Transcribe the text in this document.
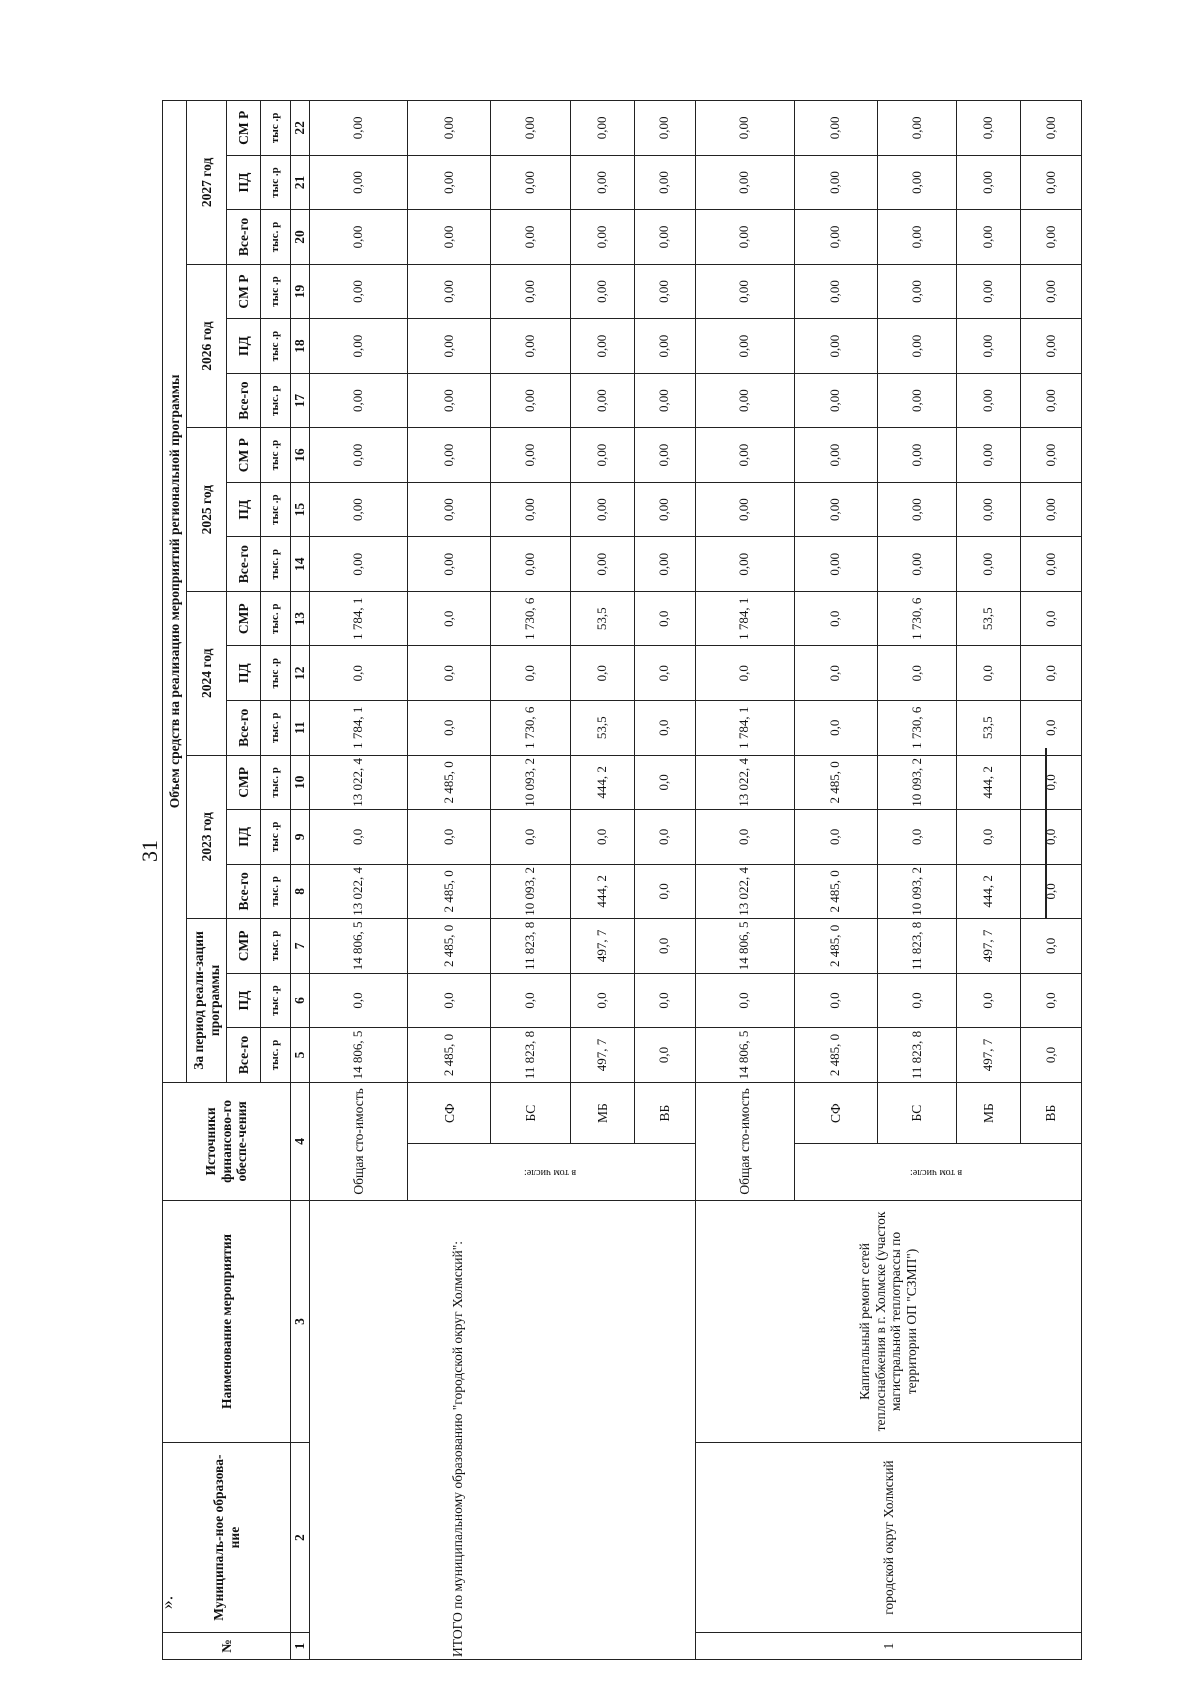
31
№	Муниципаль-ное образова-ние	Наименование мероприятия	Источники финансово-го обеспе-чения		Объем средств на реализацию мероприятий региональной программы																	
					За период реали-зации программы			2023 год			2024 год			2025 год			2026 год			2027 год		
					Все-го	ПД	СМР	Все-го	ПД	СМР	Все-го	ПД	СМР	Все-го	ПД	СМ Р	Все-го	ПД	СМ Р	Все-го	ПД	СМ Р
					тыс. р	тыс .р	тыс. р	тыс. р	тыс .р	тыс. р	тыс. р	тыс .р	тыс. р	тыс. р	тыс .р	тыс .р	тыс. р	тыс .р	тыс .р	тыс. р	тыс .р	тыс .р
1	2	3	4		5	6	7	8	9	10	11	12	13	14	15	16	17	18	19	20	21	22
ИТОГО по муниципальному образованию "городской округ Холмский":			Общая сто-имость		14 806, 5	0,0	14 806, 5	13 022, 4	0,0	13 022, 4	1 784, 1	0,0	1 784, 1	0,00	0,00	0,00	0,00	0,00	0,00	0,00	0,00	0,00
			в том числе:	СФ	2 485, 0	0,0	2 485, 0	2 485, 0	0,0	2 485, 0	0,0	0,0	0,0	0,00	0,00	0,00	0,00	0,00	0,00	0,00	0,00	0,00
				БС	11 823, 8	0,0	11 823, 8	10 093, 2	0,0	10 093, 2	1 730, 6	0,0	1 730, 6	0,00	0,00	0,00	0,00	0,00	0,00	0,00	0,00	0,00
				МБ	497, 7	0,0	497, 7	444, 2	0,0	444, 2	53,5	0,0	53,5	0,00	0,00	0,00	0,00	0,00	0,00	0,00	0,00	0,00
				ВБ	0,0	0,0	0,0	0,0	0,0	0,0	0,0	0,0	0,0	0,00	0,00	0,00	0,00	0,00	0,00	0,00	0,00	0,00
1	городской округ Холмский	Капитальный ремонт сетей теплоснабжения в г. Холмске (участок магистральной теплотрассы по территории ОП "СЗМП")	Общая сто-имость		14 806, 5	0,0	14 806, 5	13 022, 4	0,0	13 022, 4	1 784, 1	0,0	1 784, 1	0,00	0,00	0,00	0,00	0,00	0,00	0,00	0,00	0,00
			в том числе:	СФ	2 485, 0	0,0	2 485, 0	2 485, 0	0,0	2 485, 0	0,0	0,0	0,0	0,00	0,00	0,00	0,00	0,00	0,00	0,00	0,00	0,00
				БС	11 823, 8	0,0	11 823, 8	10 093, 2	0,0	10 093, 2	1 730, 6	0,0	1 730, 6	0,00	0,00	0,00	0,00	0,00	0,00	0,00	0,00	0,00
				МБ	497, 7	0,0	497, 7	444, 2	0,0	444, 2	53,5	0,0	53,5	0,00	0,00	0,00	0,00	0,00	0,00	0,00	0,00	0,00
				ВБ	0,0	0,0	0,0	0,0	0,0	0,0	0,0	0,0	0,0	0,00	0,00	0,00	0,00	0,00	0,00	0,00	0,00	0,00
».
